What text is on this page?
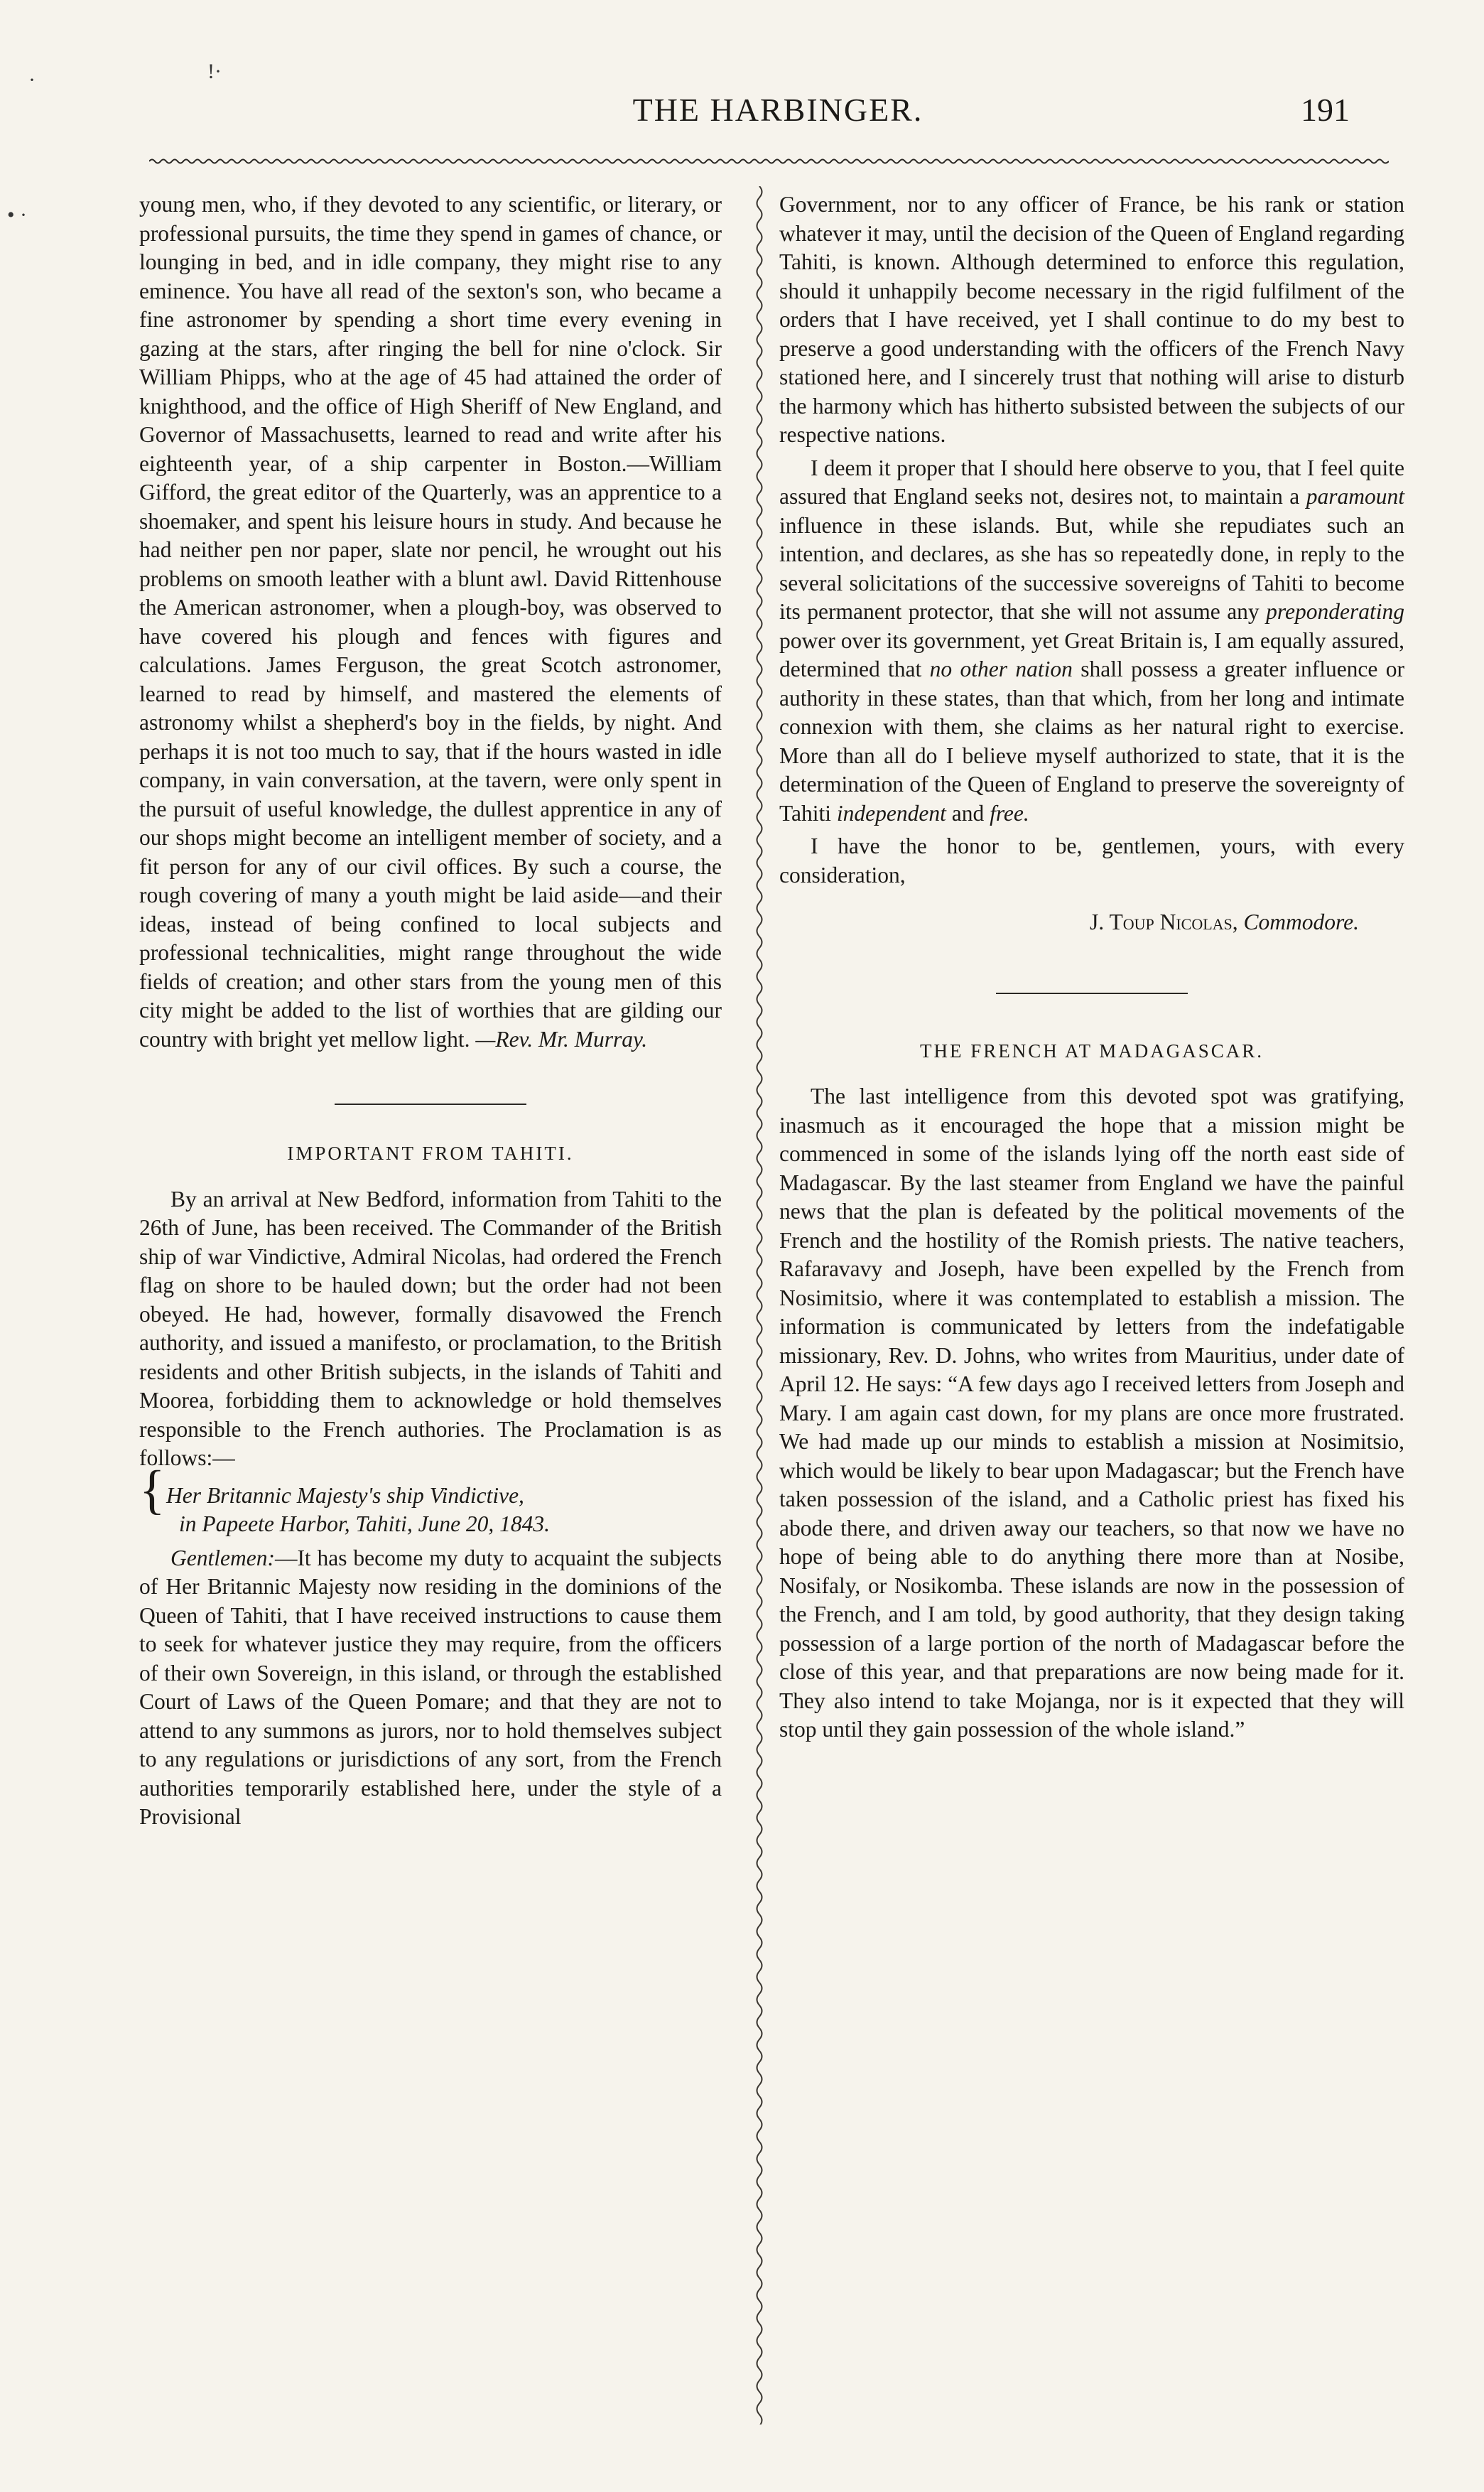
THE HARBINGER.	191

young men, who, if they devoted to any scientific, or literary, or professional pursuits, the time they spend in games of chance, or lounging in bed, and in idle company, they might rise to any eminence. You have all read of the sexton's son, who became a fine astronomer by spending a short time every evening in gazing at the stars, after ringing the bell for nine o'clock. Sir William Phipps, who at the age of 45 had attained the order of knighthood, and the office of High Sheriff of New England, and Governor of Massachusetts, learned to read and write after his eighteenth year, of a ship carpenter in Boston.—William Gifford, the great editor of the Quarterly, was an apprentice to a shoemaker, and spent his leisure hours in study. And because he had neither pen nor paper, slate nor pencil, he wrought out his problems on smooth leather with a blunt awl. David Rittenhouse the American astronomer, when a plough-boy, was observed to have covered his plough and fences with figures and calculations. James Ferguson, the great Scotch astronomer, learned to read by himself, and mastered the elements of astronomy whilst a shepherd's boy in the fields, by night. And perhaps it is not too much to say, that if the hours wasted in idle company, in vain conversation, at the tavern, were only spent in the pursuit of useful knowledge, the dullest apprentice in any of our shops might become an intelligent member of society, and a fit person for any of our civil offices. By such a course, the rough covering of many a youth might be laid aside—and their ideas, instead of being confined to local subjects and professional technicalities, might range throughout the wide fields of creation; and other stars from the young men of this city might be added to the list of worthies that are gilding our country with bright yet mellow light. —Rev. Mr. Murray.

IMPORTANT FROM TAHITI.

By an arrival at New Bedford, information from Tahiti to the 26th of June, has been received. The Commander of the British ship of war Vindictive, Admiral Nicolas, had ordered the French flag on shore to be hauled down; but the order had not been obeyed. He had, however, formally disavowed the French authority, and issued a manifesto, or proclamation, to the British residents and other British subjects, in the islands of Tahiti and Moorea, forbidding them to acknowledge or hold themselves responsible to the French authories. The Proclamation is as follows:—

{ Her Britannic Majesty's ship Vindictive,
in Papeete Harbor, Tahiti, June 20, 1843.

Gentlemen:—It has become my duty to acquaint the subjects of Her Britannic Majesty now residing in the dominions of the Queen of Tahiti, that I have received instructions to cause them to seek for whatever justice they may require, from the officers of their own Sovereign, in this island, or through the established Court of Laws of the Queen Pomare; and that they are not to attend to any summons as jurors, nor to hold themselves subject to any regulations or jurisdictions of any sort, from the French authorities temporarily established here, under the style of a Provisional

Government, nor to any officer of France, be his rank or station whatever it may, until the decision of the Queen of England regarding Tahiti, is known. Although determined to enforce this regulation, should it unhappily become necessary in the rigid fulfilment of the orders that I have received, yet I shall continue to do my best to preserve a good understanding with the officers of the French Navy stationed here, and I sincerely trust that nothing will arise to disturb the harmony which has hitherto subsisted between the subjects of our respective nations.

I deem it proper that I should here observe to you, that I feel quite assured that England seeks not, desires not, to maintain a paramount influence in these islands. But, while she repudiates such an intention, and declares, as she has so repeatedly done, in reply to the several solicitations of the successive sovereigns of Tahiti to become its permanent protector, that she will not assume any preponderating power over its government, yet Great Britain is, I am equally assured, determined that no other nation shall possess a greater influence or authority in these states, than that which, from her long and intimate connexion with them, she claims as her natural right to exercise. More than all do I believe myself authorized to state, that it is the determination of the Queen of England to preserve the sovereignty of Tahiti independent and free.

I have the honor to be, gentlemen, yours, with every consideration,

J. Toup Nicolas, Commodore.
THE FRENCH AT MADAGASCAR.

The last intelligence from this devoted spot was gratifying, inasmuch as it encouraged the hope that a mission might be commenced in some of the islands lying off the north east side of Madagascar. By the last steamer from England we have the painful news that the plan is defeated by the political movements of the French and the hostility of the Romish priests. The native teachers, Rafaravavy and Joseph, have been expelled by the French from Nosimitsio, where it was contemplated to establish a mission. The information is communicated by letters from the indefatigable missionary, Rev. D. Johns, who writes from Mauritius, under date of April 12. He says: “A few days ago I received letters from Joseph and Mary. I am again cast down, for my plans are once more frustrated. We had made up our minds to establish a mission at Nosimitsio, which would be likely to bear upon Madagascar; but the French have taken possession of the island, and a Catholic priest has fixed his abode there, and driven away our teachers, so that now we have no hope of being able to do anything there more than at Nosibe, Nosifaly, or Nosikomba. These islands are now in the possession of the French, and I am told, by good authority, that they design taking possession of a large portion of the north of Madagascar before the close of this year, and that preparations are now being made for it. They also intend to take Mojanga, nor is it expected that they will stop until they gain possession of the whole island.”

·
• ·
!·
